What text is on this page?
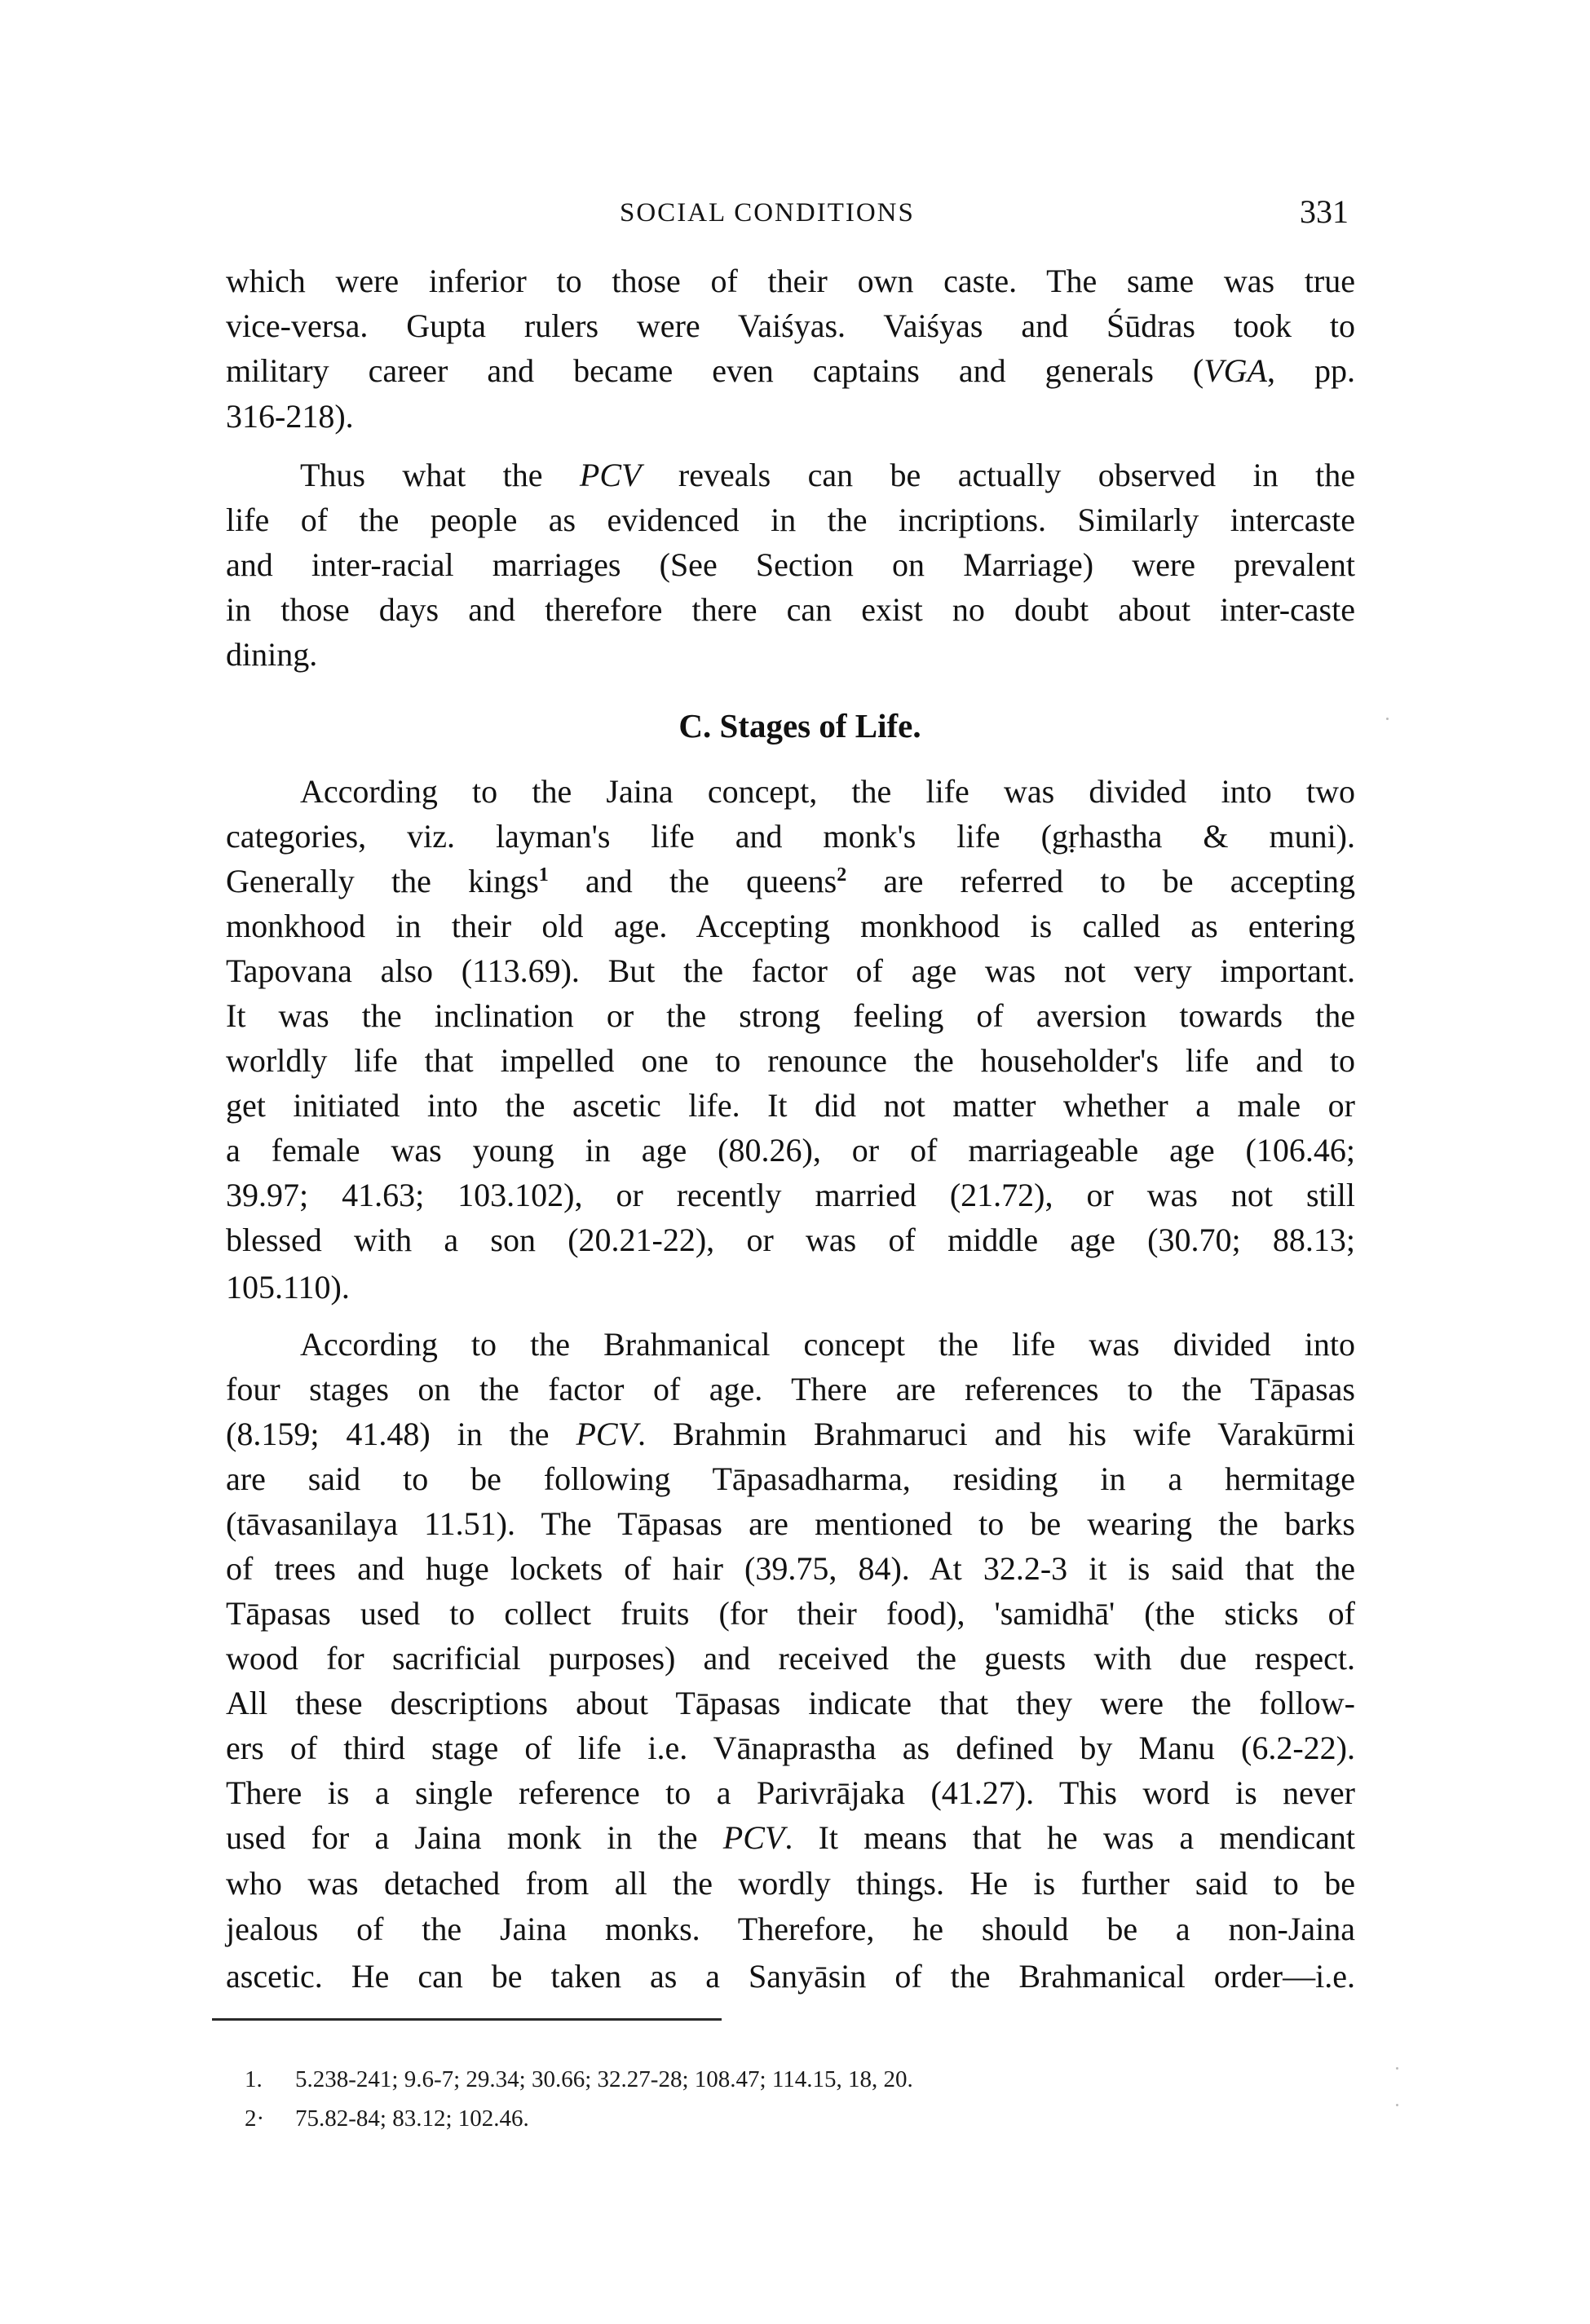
SOCIAL CONDITIONS	331
which were inferior to those of their own caste. The same was true
vice-versa. Gupta rulers were Vaiśyas. Vaiśyas and Śūdras took to
military career and became even captains and generals (VGA, pp.
316-218).
Thus what the PCV reveals can be actually observed in the
life of the people as evidenced in the incriptions. Similarly intercaste
and inter-racial marriages (See Section on Marriage) were prevalent
in those days and therefore there can exist no doubt about inter-caste
dining.
C. Stages of Life.
According to the Jaina concept, the life was divided into two
categories, viz. layman's life and monk's life (gṛhastha & muni).
Generally the kings$^1$ and the queens$^2$ are referred to be accepting
monkhood in their old age. Accepting monkhood is called as entering
Tapovana also (113.69). But the factor of age was not very important.
It was the inclination or the strong feeling of aversion towards the
worldly life that impelled one to renounce the householder's life and to
get initiated into the ascetic life. It did not matter whether a male or
a female was young in age (80.26), or of marriageable age (106.46;
39.97; 41.63; 103.102), or recently married (21.72), or was not still
blessed with a son (20.21-22), or was of middle age (30.70; 88.13;
105.110).
According to the Brahmanical concept the life was divided into
four stages on the factor of age. There are references to the Tāpasas
(8.159; 41.48) in the PCV. Brahmin Brahmaruci and his wife Varakūrmi
are said to be following Tāpasadharma, residing in a hermitage
(tāvasanilaya 11.51). The Tāpasas are mentioned to be wearing the barks
of trees and huge lockets of hair (39.75, 84). At 32.2-3 it is said that the
Tāpasas used to collect fruits (for their food), 'samidhā' (the sticks of
wood for sacrificial purposes) and received the guests with due respect.
All these descriptions about Tāpasas indicate that they were the follow-
ers of third stage of life i.e. Vānaprastha as defined by Manu (6.2-22).
There is a single reference to a Parivrājaka (41.27). This word is never
used for a Jaina monk in the PCV. It means that he was a mendicant
who was detached from all the wordly things. He is further said to be
jealous of the Jaina monks. Therefore, he should be a non-Jaina
ascetic. He can be taken as a Sanyāsin of the Brahmanical order—i.e.
1. 5.238-241; 9.6-7; 29.34; 30.66; 32.27-28; 108.47; 114.15, 18, 20.
2· 75.82-84; 83.12; 102.46.
